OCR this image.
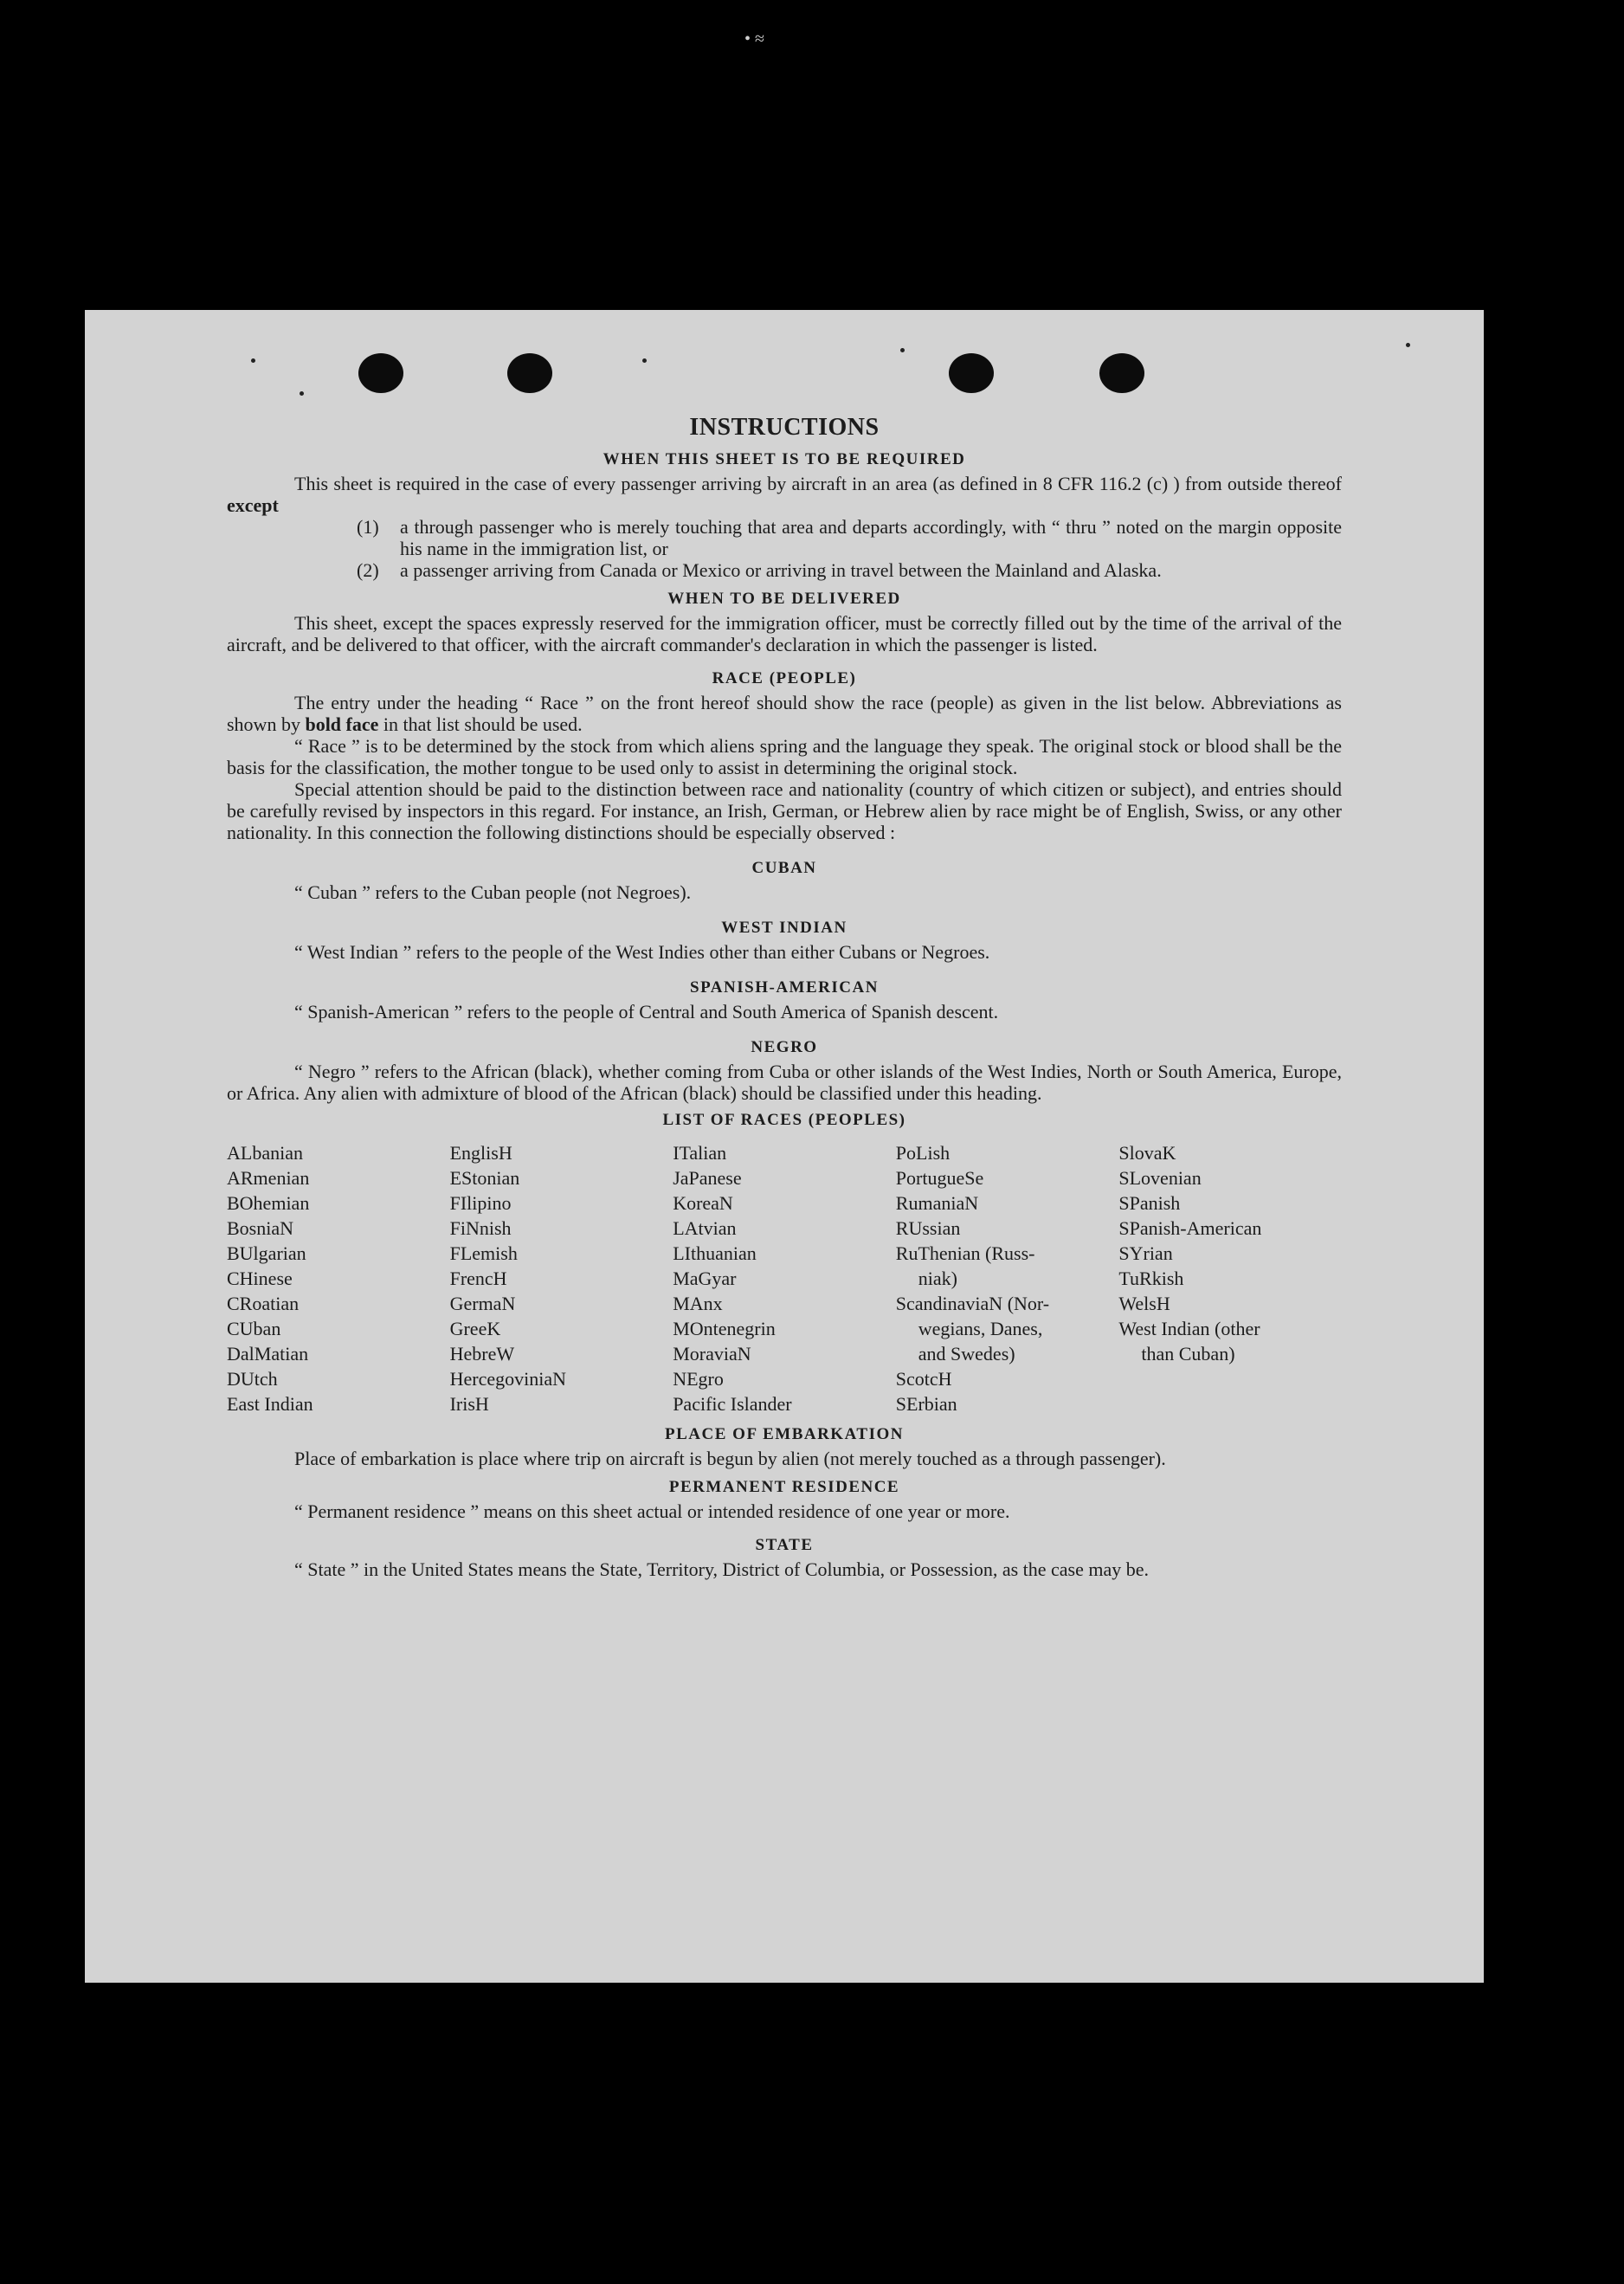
• ≈
INSTRUCTIONS
WHEN THIS SHEET IS TO BE REQUIRED

This sheet is required in the case of every passenger arriving by aircraft in an area (as defined in 8 CFR 116.2 (c) ) from outside thereof except

(1)	a through passenger who is merely touching that area and departs accordingly, with “ thru ” noted on the margin opposite his name in the immigration list, or
(2)	a passenger arriving from Canada or Mexico or arriving in travel between the Mainland and Alaska.
WHEN TO BE DELIVERED

This sheet, except the spaces expressly reserved for the immigration officer, must be correctly filled out by the time of the arrival of the aircraft, and be delivered to that officer, with the aircraft commander's declaration in which the passenger is listed.

RACE (PEOPLE)

The entry under the heading “ Race ” on the front hereof should show the race (people) as given in the list below. Abbreviations as shown by bold face in that list should be used.

“ Race ” is to be determined by the stock from which aliens spring and the language they speak. The original stock or blood shall be the basis for the classification, the mother tongue to be used only to assist in determining the original stock.

Special attention should be paid to the distinction between race and nationality (country of which citizen or subject), and entries should be carefully revised by inspectors in this regard. For instance, an Irish, German, or Hebrew alien by race might be of English, Swiss, or any other nationality. In this connection the following distinctions should be especially observed :

CUBAN

“ Cuban ” refers to the Cuban people (not Negroes).

WEST INDIAN

“ West Indian ” refers to the people of the West Indies other than either Cubans or Negroes.

SPANISH-AMERICAN

“ Spanish-American ” refers to the people of Central and South America of Spanish descent.

NEGRO

“ Negro ” refers to the African (black), whether coming from Cuba or other islands of the West Indies, North or South America, Europe, or Africa. Any alien with admixture of blood of the African (black) should be classified under this heading.

LIST OF RACES (PEOPLES)
ALbanian
ARmenian
BOhemian
BosniaN
BUlgarian
CHinese
CRoatian
CUban
DalMatian
DUtch
East Indian
EnglisH
EStonian
FIlipino
FiNnish
FLemish
FrencH
GermaN
GreeK
HebreW
HercegoviniaN
IrisH
ITalian
JaPanese
KoreaN
LAtvian
LIthuanian
MaGyar
MAnx
MOntenegrin
MoraviaN
NEgro
Pacific Islander
PoLish
PortugueSe
RumaniaN
RUssian
RuThenian (Russ-
niak)
ScandinaviaN (Nor-
wegians, Danes,
and Swedes)
ScotcH
SErbian
SlovaK
SLovenian
SPanish
SPanish-American
SYrian
TuRkish
WelsH
West Indian (other
than Cuban)
PLACE OF EMBARKATION

Place of embarkation is place where trip on aircraft is begun by alien (not merely touched as a through passenger).

PERMANENT RESIDENCE

“ Permanent residence ” means on this sheet actual or intended residence of one year or more.

STATE

“ State ” in the United States means the State, Territory, District of Columbia, or Possession, as the case may be.
